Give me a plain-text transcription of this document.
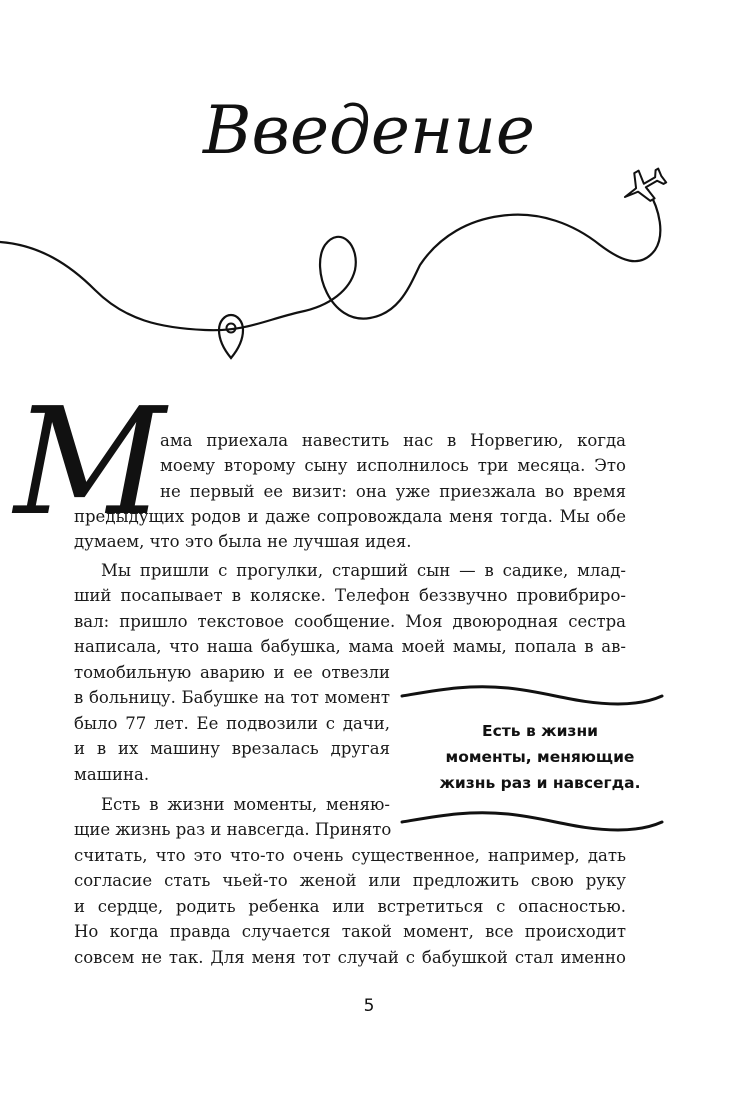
Введение
М
ама приехала навестить нас в Норвегию, когда
моему второму сыну исполнилось три месяца. Это
не первый ее визит: она уже приезжала во время
предыдущих родов и даже сопровождала меня тогда. Мы обе
думаем, что это была не лучшая идея.
Мы пришли с прогулки, старший сын — в садике, млад-
ший посапывает в коляске. Телефон беззвучно провибриро-
вал: пришло текстовое сообщение. Моя двоюродная сестра
написала, что наша бабушка, мама моей мамы, попала в ав-
томобильную аварию и ее отвезли
в больницу. Бабушке на тот момент
было 77 лет. Ее подвозили с дачи,
и в их машину врезалась другая
машина.
Есть в жизни моменты, меняю-
щие жизнь раз и навсегда. Принято
считать, что это что-то очень существенное, например, дать
согласие стать чьей-то женой или предложить свою руку
и сердце, родить ребенка или встретиться с опасностью.
Но когда правда случается такой момент, все происходит
совсем не так. Для меня тот случай с бабушкой стал именно
Есть в жизни
моменты, меняющие
жизнь раз и навсегда.
5
